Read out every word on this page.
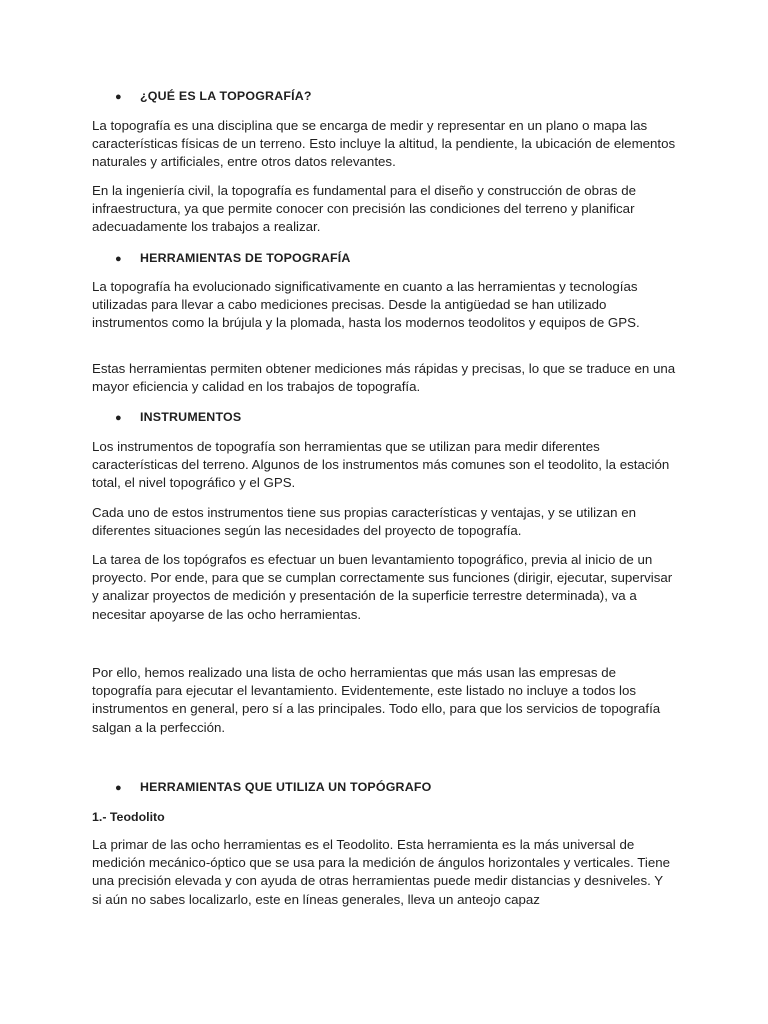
● ¿QUÉ ES LA TOPOGRAFÍA?

La topografía es una disciplina que se encarga de medir y representar en un plano o mapa las características físicas de un terreno. Esto incluye la altitud, la pendiente, la ubicación de elementos naturales y artificiales, entre otros datos relevantes.

En la ingeniería civil, la topografía es fundamental para el diseño y construcción de obras de infraestructura, ya que permite conocer con precisión las condiciones del terreno y planificar adecuadamente los trabajos a realizar.

● HERRAMIENTAS DE TOPOGRAFÍA

La topografía ha evolucionado significativamente en cuanto a las herramientas y tecnologías utilizadas para llevar a cabo mediciones precisas. Desde la antigüedad se han utilizado instrumentos como la brújula y la plomada, hasta los modernos teodolitos y equipos de GPS.

Estas herramientas permiten obtener mediciones más rápidas y precisas, lo que se traduce en una mayor eficiencia y calidad en los trabajos de topografía.

● INSTRUMENTOS

Los instrumentos de topografía son herramientas que se utilizan para medir diferentes características del terreno. Algunos de los instrumentos más comunes son el teodolito, la estación total, el nivel topográfico y el GPS.

Cada uno de estos instrumentos tiene sus propias características y ventajas, y se utilizan en diferentes situaciones según las necesidades del proyecto de topografía.

La tarea de los topógrafos es efectuar un buen levantamiento topográfico, previa al inicio de un proyecto. Por ende, para que se cumplan correctamente sus funciones (dirigir, ejecutar, supervisar y analizar proyectos de medición y presentación de la superficie terrestre determinada), va a necesitar apoyarse de las ocho herramientas.

Por ello, hemos realizado una lista de ocho herramientas que más usan las empresas de topografía para ejecutar el levantamiento. Evidentemente, este listado no incluye a todos los instrumentos en general, pero sí a las principales. Todo ello, para que los servicios de topografía salgan a la perfección.

● HERRAMIENTAS QUE UTILIZA UN TOPÓGRAFO
1.- Teodolito

La primar de las ocho herramientas es el Teodolito. Esta herramienta es la más universal de medición mecánico-óptico que se usa para la medición de ángulos horizontales y verticales. Tiene una precisión elevada y con ayuda de otras herramientas puede medir distancias y desniveles. Y si aún no sabes localizarlo, este en líneas generales, lleva un anteojo capaz
